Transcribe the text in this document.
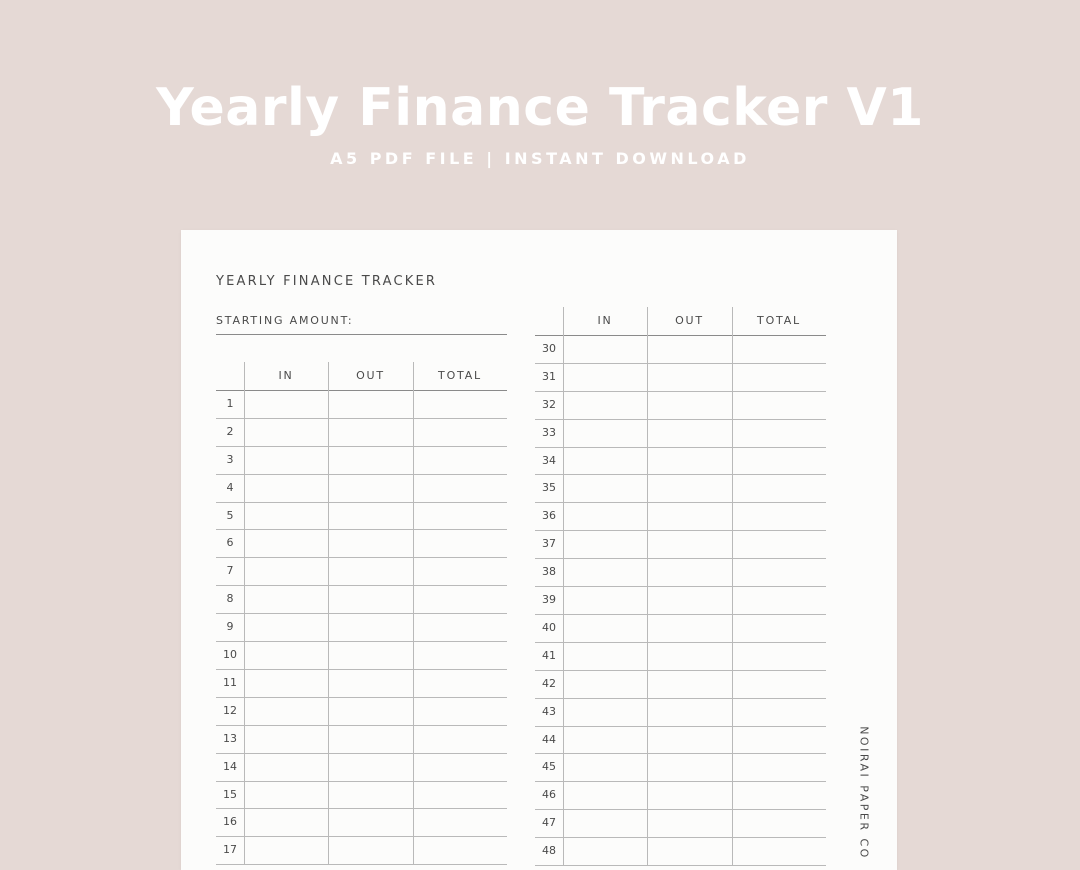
Yearly Finance Tracker V1
A5 PDF FILE | INSTANT DOWNLOAD
YEARLY FINANCE TRACKER
STARTING AMOUNT:
IN	OUT	TOTAL
1
2
3
4
5
6
7
8
9
10
11
12
13
14
15
16
17
IN	OUT	TOTAL
30
31
32
33
34
35
36
37
38
39
40
41
42
43
44
45
46
47
48	NOIRAI PAPER CO
